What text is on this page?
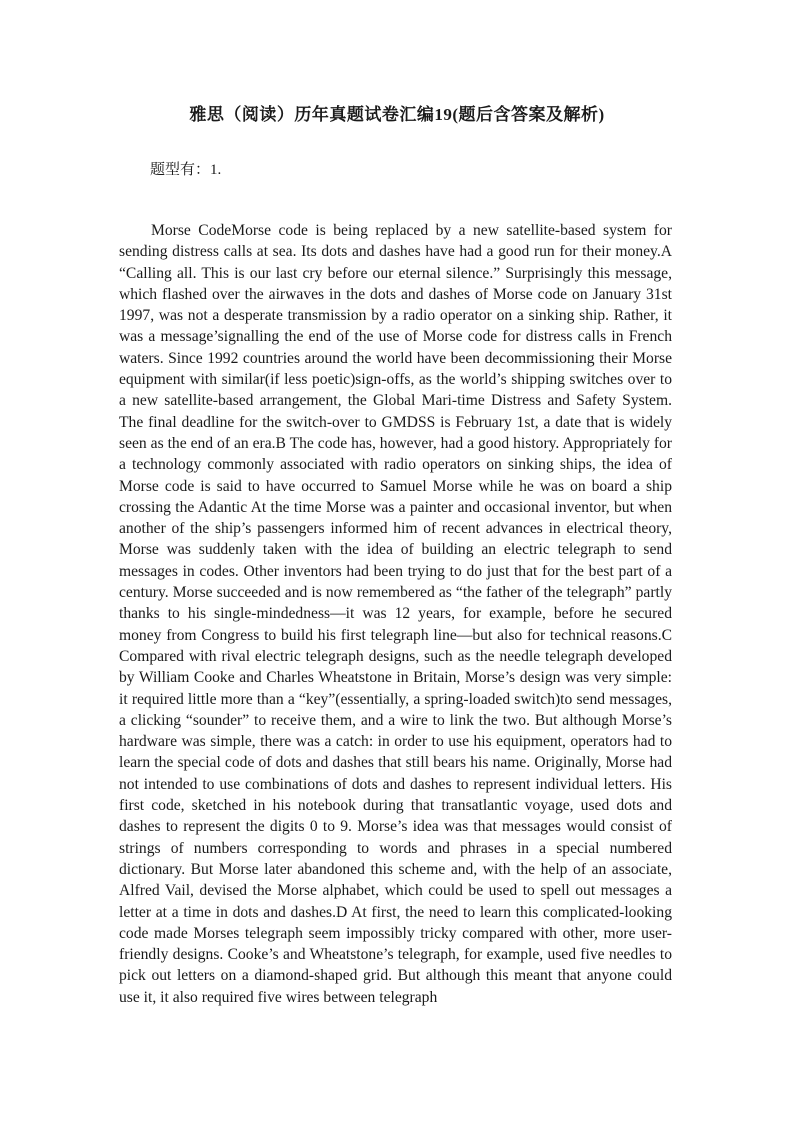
雅思（阅读）历年真题试卷汇编19(题后含答案及解析)
题型有：1.

Morse CodeMorse code is being replaced by a new satellite-based system for sending distress calls at sea. Its dots and dashes have had a good run for their money.A “Calling all. This is our last cry before our eternal silence.” Surprisingly this message, which flashed over the airwaves in the dots and dashes of Morse code on January 31st 1997, was not a desperate transmission by a radio operator on a sinking ship. Rather, it was a message’signalling the end of the use of Morse code for distress calls in French waters. Since 1992 countries around the world have been decommissioning their Morse equipment with similar(if less poetic)sign-offs, as the world’s shipping switches over to a new satellite-based arrangement, the Global Mari-time Distress and Safety System. The final deadline for the switch-over to GMDSS is February 1st, a date that is widely seen as the end of an era.B The code has, however, had a good history. Appropriately for a technology commonly associated with radio operators on sinking ships, the idea of Morse code is said to have occurred to Samuel Morse while he was on board a ship crossing the Adantic At the time Morse was a painter and occasional inventor, but when another of the ship’s passengers informed him of recent advances in electrical theory, Morse was suddenly taken with the idea of building an electric telegraph to send messages in codes. Other inventors had been trying to do just that for the best part of a century. Morse succeeded and is now remembered as “the father of the telegraph” partly thanks to his single-mindedness—it was 12 years, for example, before he secured money from Congress to build his first telegraph line—but also for technical reasons.C Compared with rival electric telegraph designs, such as the needle telegraph developed by William Cooke and Charles Wheatstone in Britain, Morse’s design was very simple: it required little more than a “key”(essentially, a spring-loaded switch)to send messages, a clicking “sounder” to receive them, and a wire to link the two. But although Morse’s hardware was simple, there was a catch: in order to use his equipment, operators had to learn the special code of dots and dashes that still bears his name. Originally, Morse had not intended to use combinations of dots and dashes to represent individual letters. His first code, sketched in his notebook during that transatlantic voyage, used dots and dashes to represent the digits 0 to 9. Morse’s idea was that messages would consist of strings of numbers corresponding to words and phrases in a special numbered dictionary. But Morse later abandoned this scheme and, with the help of an associate, Alfred Vail, devised the Morse alphabet, which could be used to spell out messages a letter at a time in dots and dashes.D At first, the need to learn this complicated-looking code made Morses telegraph seem impossibly tricky compared with other, more user-friendly designs. Cooke’s and Wheatstone’s telegraph, for example, used five needles to pick out letters on a diamond-shaped grid. But although this meant that anyone could use it, it also required five wires between telegraph
